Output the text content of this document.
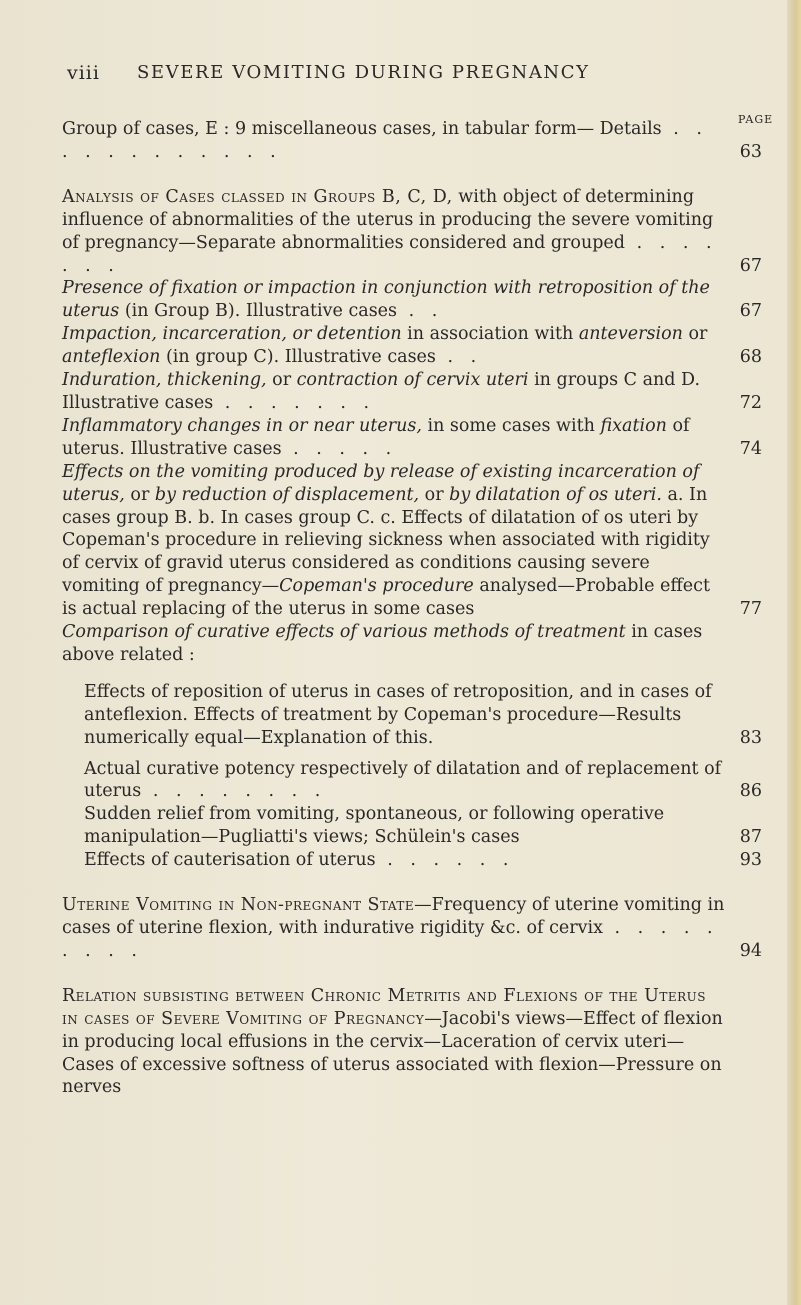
viii SEVERE VOMITING DURING PREGNANCY
PAGE
Group of cases, E : 9 miscellaneous cases, in tabular form— Details . . . . . . . . . . . .	63
Analysis of Cases classed in Groups B, C, D, with object of determining influence of abnormalities of the uterus in producing the severe vomiting of pregnancy—Separate abnormalities considered and grouped . . . . . . .	67
Presence of fixation or impaction in conjunction with retroposition of the uterus (in Group B). Illustrative cases . .	67
Impaction, incarceration, or detention in association with anteversion or anteflexion (in group C). Illustrative cases . .	68
Induration, thickening, or contraction of cervix uteri in groups C and D. Illustrative cases . . . . . . .	72
Inflammatory changes in or near uterus, in some cases with fixation of uterus. Illustrative cases . . . . .	74
Effects on the vomiting produced by release of existing incarceration of uterus, or by reduction of displacement, or by dilatation of os uteri. a. In cases group B. b. In cases group C. c. Effects of dilatation of os uteri by Copeman's procedure in relieving sickness when associated with rigidity of cervix of gravid uterus considered as conditions causing severe vomiting of pregnancy—Copeman's procedure analysed—Probable effect is actual replacing of the uterus in some cases	77
Comparison of curative effects of various methods of treatment in cases above related :
Effects of reposition of uterus in cases of retroposition, and in cases of anteflexion. Effects of treatment by Copeman's procedure—Results numerically equal—Explanation of this.	83
Actual curative potency respectively of dilatation and of replacement of uterus . . . . . . . .	86
Sudden relief from vomiting, spontaneous, or following operative manipulation—Pugliatti's views; Schülein's cases	87
Effects of cauterisation of uterus . . . . . .	93
Uterine Vomiting in Non-pregnant State—Frequency of uterine vomiting in cases of uterine flexion, with indurative rigidity &c. of cervix . . . . . . . . .	94
Relation subsisting between Chronic Metritis and Flexions of the Uterus in cases of Severe Vomiting of Pregnancy—Jacobi's views—Effect of flexion in producing local effusions in the cervix—Laceration of cervix uteri—Cases of excessive softness of uterus associated with flexion—Pressure on nerves
